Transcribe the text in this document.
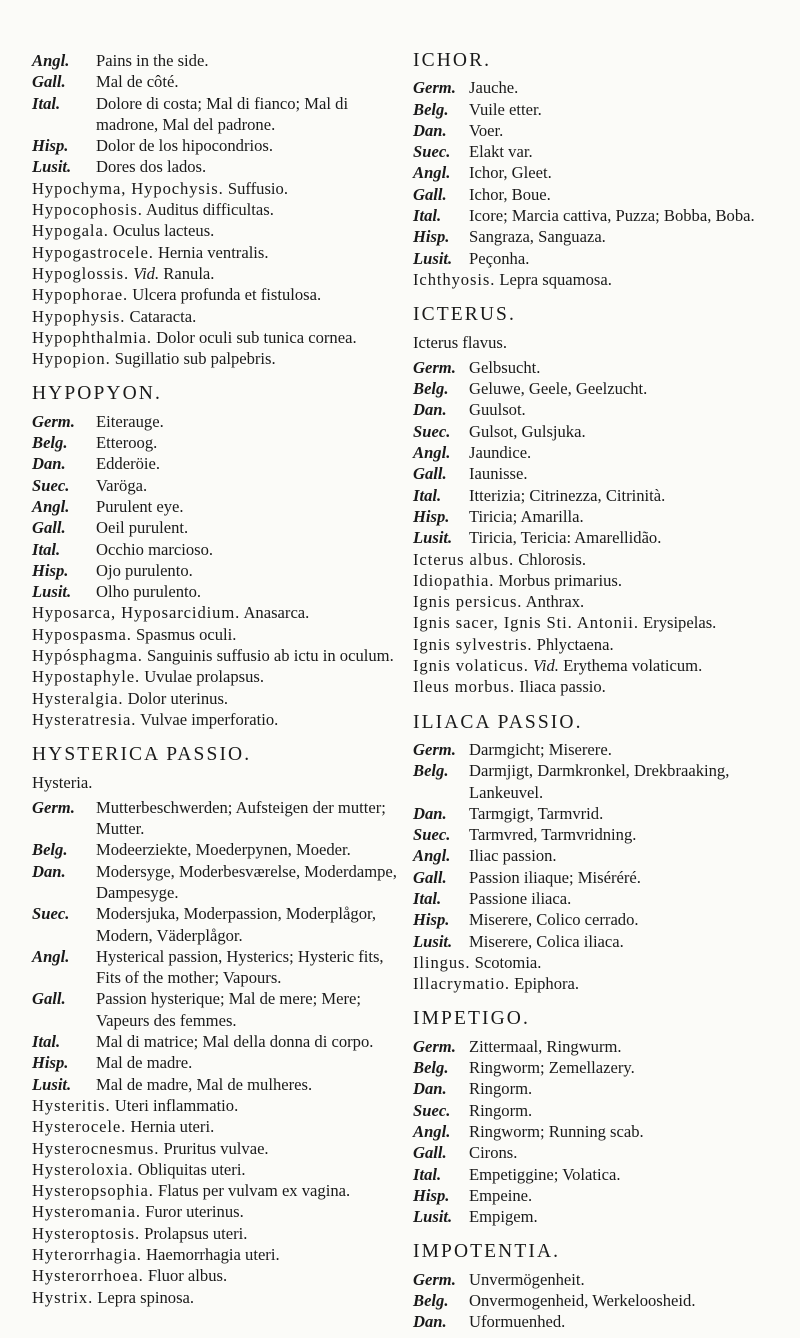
Angl.	Pains in the side.
Gall.	Mal de côté.
Ital.	Dolore di costa; Mal di fianco; Mal di madrone, Mal del padrone.
Hisp.	Dolor de los hipocondrios.
Lusit.	Dores dos lados.
Hypochyma, Hypochysis. Suffusio.
Hypocophosis. Auditus difficultas.
Hypogala. Oculus lacteus.
Hypogastrocele. Hernia ventralis.
Hypoglossis. Vid. Ranula.
Hypophorae. Ulcera profunda et fistulosa.
Hypophysis. Cataracta.
Hypophthalmia. Dolor oculi sub tunica cornea.
Hypopion. Sugillatio sub palpebris.
HYPOPYON.
Germ.	Eiterauge.
Belg.	Etteroog.
Dan.	Edderöie.
Suec.	Varöga.
Angl.	Purulent eye.
Gall.	Oeil purulent.
Ital.	Occhio marcioso.
Hisp.	Ojo purulento.
Lusit.	Olho purulento.
Hyposarca, Hyposarcidium. Anasarca.
Hypospasma. Spasmus oculi.
Hypósphagma. Sanguinis suffusio ab ictu in oculum.
Hypostaphyle. Uvulae prolapsus.
Hysteralgia. Dolor uterinus.
Hysteratresia. Vulvae imperforatio.
HYSTERICA PASSIO.
Hysteria.
Germ.	Mutterbeschwerden; Aufsteigen der mutter; Mutter.
Belg.	Modeerziekte, Moederpynen, Moeder.
Dan.	Modersyge, Moderbesværelse, Moderdampe, Dampesyge.
Suec.	Modersjuka, Moderpassion, Moderplågor, Modern, Väderplågor.
Angl.	Hysterical passion, Hysterics; Hysteric fits, Fits of the mother; Vapours.
Gall.	Passion hysterique; Mal de mere; Mere; Vapeurs des femmes.
Ital.	Mal di matrice; Mal della donna di corpo.
Hisp.	Mal de madre.
Lusit.	Mal de madre, Mal de mulheres.
Hysteritis. Uteri inflammatio.
Hysterocele. Hernia uteri.
Hysterocnesmus. Pruritus vulvae.
Hysteroloxia. Obliquitas uteri.
Hysteropsophia. Flatus per vulvam ex vagina.
Hysteromania. Furor uterinus.
Hysteroptosis. Prolapsus uteri.
Hyterorrhagia. Haemorrhagia uteri.
Hysterorrhoea. Fluor albus.
Hystrix. Lepra spinosa.
ICHOR.
Germ. Jauche.
Belg.	Vuile etter.
Dan.	Voer.
Suec.	Elakt var.
Angl.	Ichor, Gleet.
Gall.	Ichor, Boue.
Ital.	Icore; Marcia cattiva, Puzza; Bobba, Boba.
Hisp.	Sangraza, Sanguaza.
Lusit.	Peçonha.
Ichthyosis. Lepra squamosa.
ICTERUS.
Icterus flavus.
Germ. Gelbsucht.
Belg.	Geluwe, Geele, Geelzucht.
Dan.	Guulsot.
Suec.	Gulsot, Gulsjuka.
Angl.	Jaundice.
Gall.	Iaunisse.
Ital.	Itterizia; Citrinezza, Citrinità.
Hisp.	Tiricia; Amarilla.
Lusit.	Tiricia, Tericia: Amarellidão.
Icterus albus. Chlorosis.
Idiopathia. Morbus primarius.
Ignis persicus. Anthrax.
Ignis sacer, Ignis Sti. Antonii. Erysipelas.
Ignis sylvestris. Phlyctaena.
Ignis volaticus. Vid. Erythema volaticum.
Ileus morbus. Iliaca passio.
ILIACA PASSIO.
Germ. Darmgicht; Miserere.
Belg.	Darmjigt, Darmkronkel, Drekbraaking, Lankeuvel.
Dan.	Tarmgigt, Tarmvrid.
Suec.	Tarmvred, Tarmvridning.
Angl.	Iliac passion.
Gall.	Passion iliaque; Miséréré.
Ital.	Passione iliaca.
Hisp.	Miserere, Colico cerrado.
Lusit.	Miserere, Colica iliaca.
Ilingus. Scotomia.
Illacrymatio. Epiphora.
IMPETIGO.
Germ. Zittermaal, Ringwurm.
Belg.	Ringworm; Zemellazery.
Dan.	Ringorm.
Suec.	Ringorm.
Angl.	Ringworm; Running scab.
Gall.	Cirons.
Ital.	Empetiggine; Volatica.
Hisp.	Empeine.
Lusit.	Empigem.
IMPOTENTIA.
Germ. Unvermögenheit.
Belg.	Onvermogenheid, Werkeloosheid.
Dan.	Uformuenhed.
